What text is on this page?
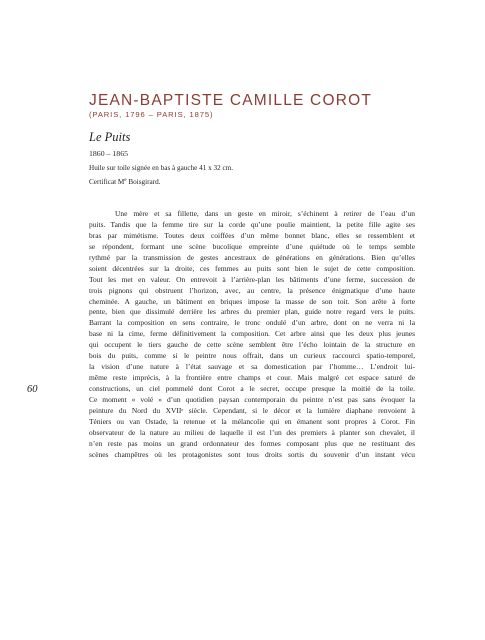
JEAN-BAPTISTE CAMILLE COROT
(PARIS, 1796 – PARIS, 1875)
Le Puits
1860 – 1865
Huile sur toile signée en bas à gauche 41 x 32 cm.
Certificat Me Boisgirard.
60
Une mère et sa fillette, dans un geste en miroir, s’échinent à retirer de l’eau d’un
puits. Tandis que la femme tire sur la corde qu’une poulie maintient, la petite fille agite ses
bras par mimétisme. Toutes deux coiffées d’un même bonnet blanc, elles se ressemblent et
se répondent, formant une scène bucolique empreinte d’une quiétude où le temps semble
rythmé par la transmission de gestes ancestraux de générations en générations. Bien qu’elles
soient décentrées sur la droite, ces femmes au puits sont bien le sujet de cette composition.
Tout les met en valeur. On entrevoit à l’arrière-plan les bâtiments d’une ferme, succession de
trois pignons qui obstruent l’horizon, avec, au centre, la présence énigmatique d’une haute
cheminée. A gauche, un bâtiment en briques impose la masse de son toit. Son arête à forte
pente, bien que dissimulé derrière les arbres du premier plan, guide notre regard vers le puits.
Barrant la composition en sens contraire, le tronc ondulé d’un arbre, dont on ne verra ni la
base ni la cime, ferme définitivement la composition. Cet arbre ainsi que les deux plus jeunes
qui occupent le tiers gauche de cette scène semblent être l’écho lointain de la structure en
bois du puits, comme si le peintre nous offrait, dans un curieux raccourci spatio-temporel,
la vision d’une nature à l’état sauvage et sa domestication par l’homme… L’endroit lui-
même reste imprécis, à la frontière entre champs et cour. Mais malgré cet espace saturé de
constructions, un ciel pommelé dont Corot a le secret, occupe presque la moitié de la toile.
Ce moment « volé » d’un quotidien paysan contemporain du peintre n’est pas sans évoquer la
peinture du Nord du XVIIᵉ siècle. Cependant, si le décor et la lumière diaphane renvoient à
Téniers ou van Ostade, la retenue et la mélancolie qui en émanent sont propres à Corot. Fin
observateur de la nature au milieu de laquelle il est l’un des premiers à planter son chevalet, il
n’en reste pas moins un grand ordonnateur des formes composant plus que ne restituant des
scènes champêtres où les protagonistes sont tous droits sortis du souvenir d’un instant vécu
